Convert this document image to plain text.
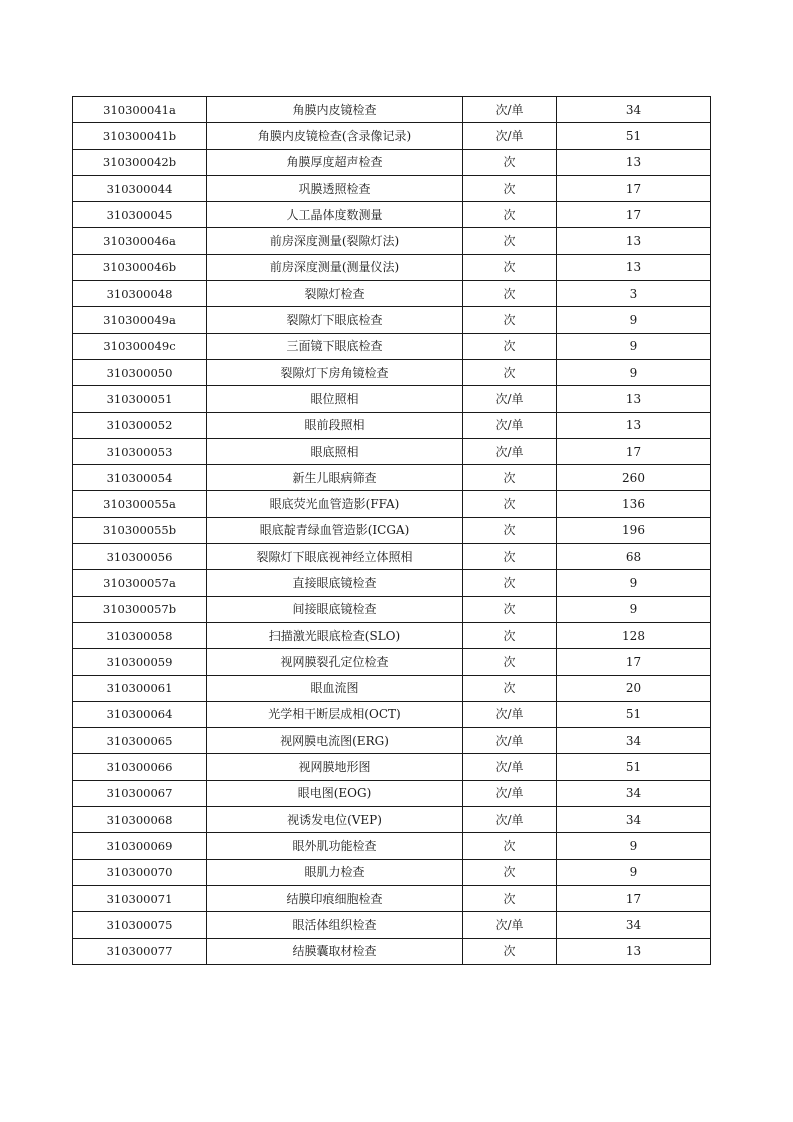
310300041a	角膜内皮镜检查	次/单	34
310300041b	角膜内皮镜检查(含录像记录)	次/单	51
310300042b	角膜厚度超声检查	次	13
310300044	巩膜透照检查	次	17
310300045	人工晶体度数测量	次	17
310300046a	前房深度测量(裂隙灯法)	次	13
310300046b	前房深度测量(测量仪法)	次	13
310300048	裂隙灯检查	次	3
310300049a	裂隙灯下眼底检查	次	9
310300049c	三面镜下眼底检查	次	9
310300050	裂隙灯下房角镜检查	次	9
310300051	眼位照相	次/单	13
310300052	眼前段照相	次/单	13
310300053	眼底照相	次/单	17
310300054	新生儿眼病筛查	次	260
310300055a	眼底荧光血管造影(FFA)	次	136
310300055b	眼底靛青绿血管造影(ICGA)	次	196
310300056	裂隙灯下眼底视神经立体照相	次	68
310300057a	直接眼底镜检查	次	9
310300057b	间接眼底镜检查	次	9
310300058	扫描激光眼底检查(SLO)	次	128
310300059	视网膜裂孔定位检查	次	17
310300061	眼血流图	次	20
310300064	光学相干断层成相(OCT)	次/单	51
310300065	视网膜电流图(ERG)	次/单	34
310300066	视网膜地形图	次/单	51
310300067	眼电图(EOG)	次/单	34
310300068	视诱发电位(VEP)	次/单	34
310300069	眼外肌功能检查	次	9
310300070	眼肌力检查	次	9
310300071	结膜印痕细胞检查	次	17
310300075	眼活体组织检查	次/单	34
310300077	结膜囊取材检查	次	13
